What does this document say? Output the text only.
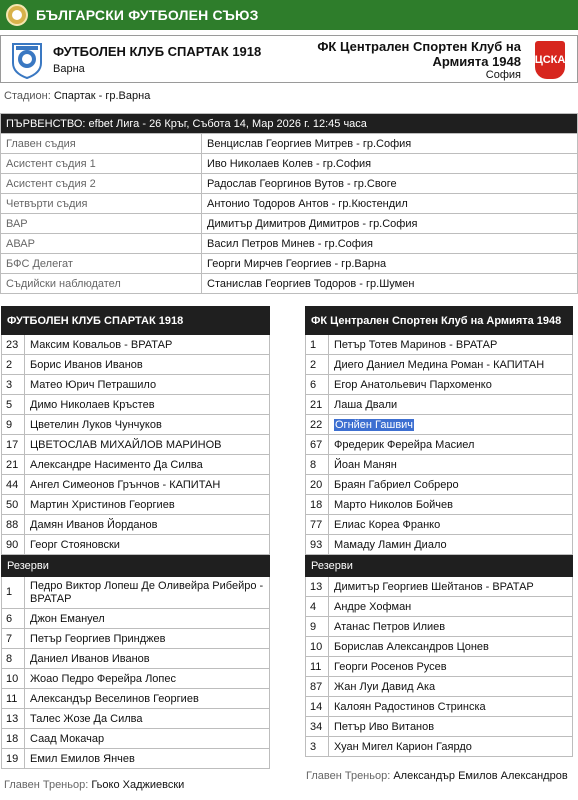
БЪЛГАРСКИ ФУТБОЛЕН СЪЮЗ
ФУТБОЛЕН КЛУБ СПАРТАК 1918
Варна
ФК Централен Спортен Клуб на
Армията 1948
София
ЦСКА
Стадион: Спартак - гр.Варна
ПЪРВЕНСТВО: efbet Лига - 26 Кръг, Събота 14, Мар 2026 г. 12:45 часа	
Главен съдия	Венцислав Георгиев Митрев - гр.София
Асистент съдия 1	Иво Николаев Колев - гр.София
Асистент съдия 2	Радослав Георгинов Вутов - гр.Своге
Четвърти съдия	Антонио Тодоров Антов - гр.Кюстендил
ВАР	Димитър Димитров Димитров - гр.София
АВАР	Васил Петров Минев - гр.София
БФС Делегат	Георги Мирчев Георгиев - гр.Варна
Съдийски наблюдател	Станислав Георгиев Тодоров - гр.Шумен
ФУТБОЛЕН КЛУБ СПАРТАК 1918	
23	Максим Ковальов - ВРАТАР
2	Борис Иванов Иванов
3	Матео Юрич Петрашило
5	Димо Николаев Кръстев
9	Цветелин Луков Чунчуков
17	ЦВЕТОСЛАВ МИХАЙЛОВ МАРИНОВ
21	Александре Насименто Да Силва
44	Ангел Симеонов Грънчов - КАПИТАН
50	Мартин Христинов Георгиев
88	Дамян Иванов Йорданов
90	Георг Стояновски
Резерви	
1	Педро Виктор Лопеш Де Оливейра Рибейро -
ВРАТАР

6	Джон Емануел
7	Петър Георгиев Принджев
8	Даниел Иванов Иванов
10	Жоао Педро Ферейра Лопес
11	Александър Веселинов Георгиев
13	Талес Жозе Да Силва
18	Саад Мокачар
19	Емил Емилов Янчев
Главен Треньор: Гьоко Хаджиевски
ФК Централен Спортен Клуб на Армията 1948	
1	Петър Тотев Маринов - ВРАТАР
2	Диего Даниел Медина Роман - КАПИТАН
6	Егор Анатольевич Пархоменко
21	Лаша Двали
22	Огнйен Гашвич
67	Фредерик Ферейра Масиел
8	Йоан Манян
20	Браян Габриел Собреро
18	Марто Николов Бойчев
77	Елиас Кореа Франко
93	Мамаду Ламин Диало
Резерви	
13	Димитър Георгиев Шейтанов - ВРАТАР
4	Андре Хофман
9	Атанас Петров Илиев
10	Борислав Александров Цонев
11	Георги Росенов Русев
87	Жан Луи Давид Ака
14	Калоян Радостинов Стринска
34	Петър Иво Витанов
3	Хуан Мигел Карион Гаярдо
Главен Треньор: Александър Емилов Александров
